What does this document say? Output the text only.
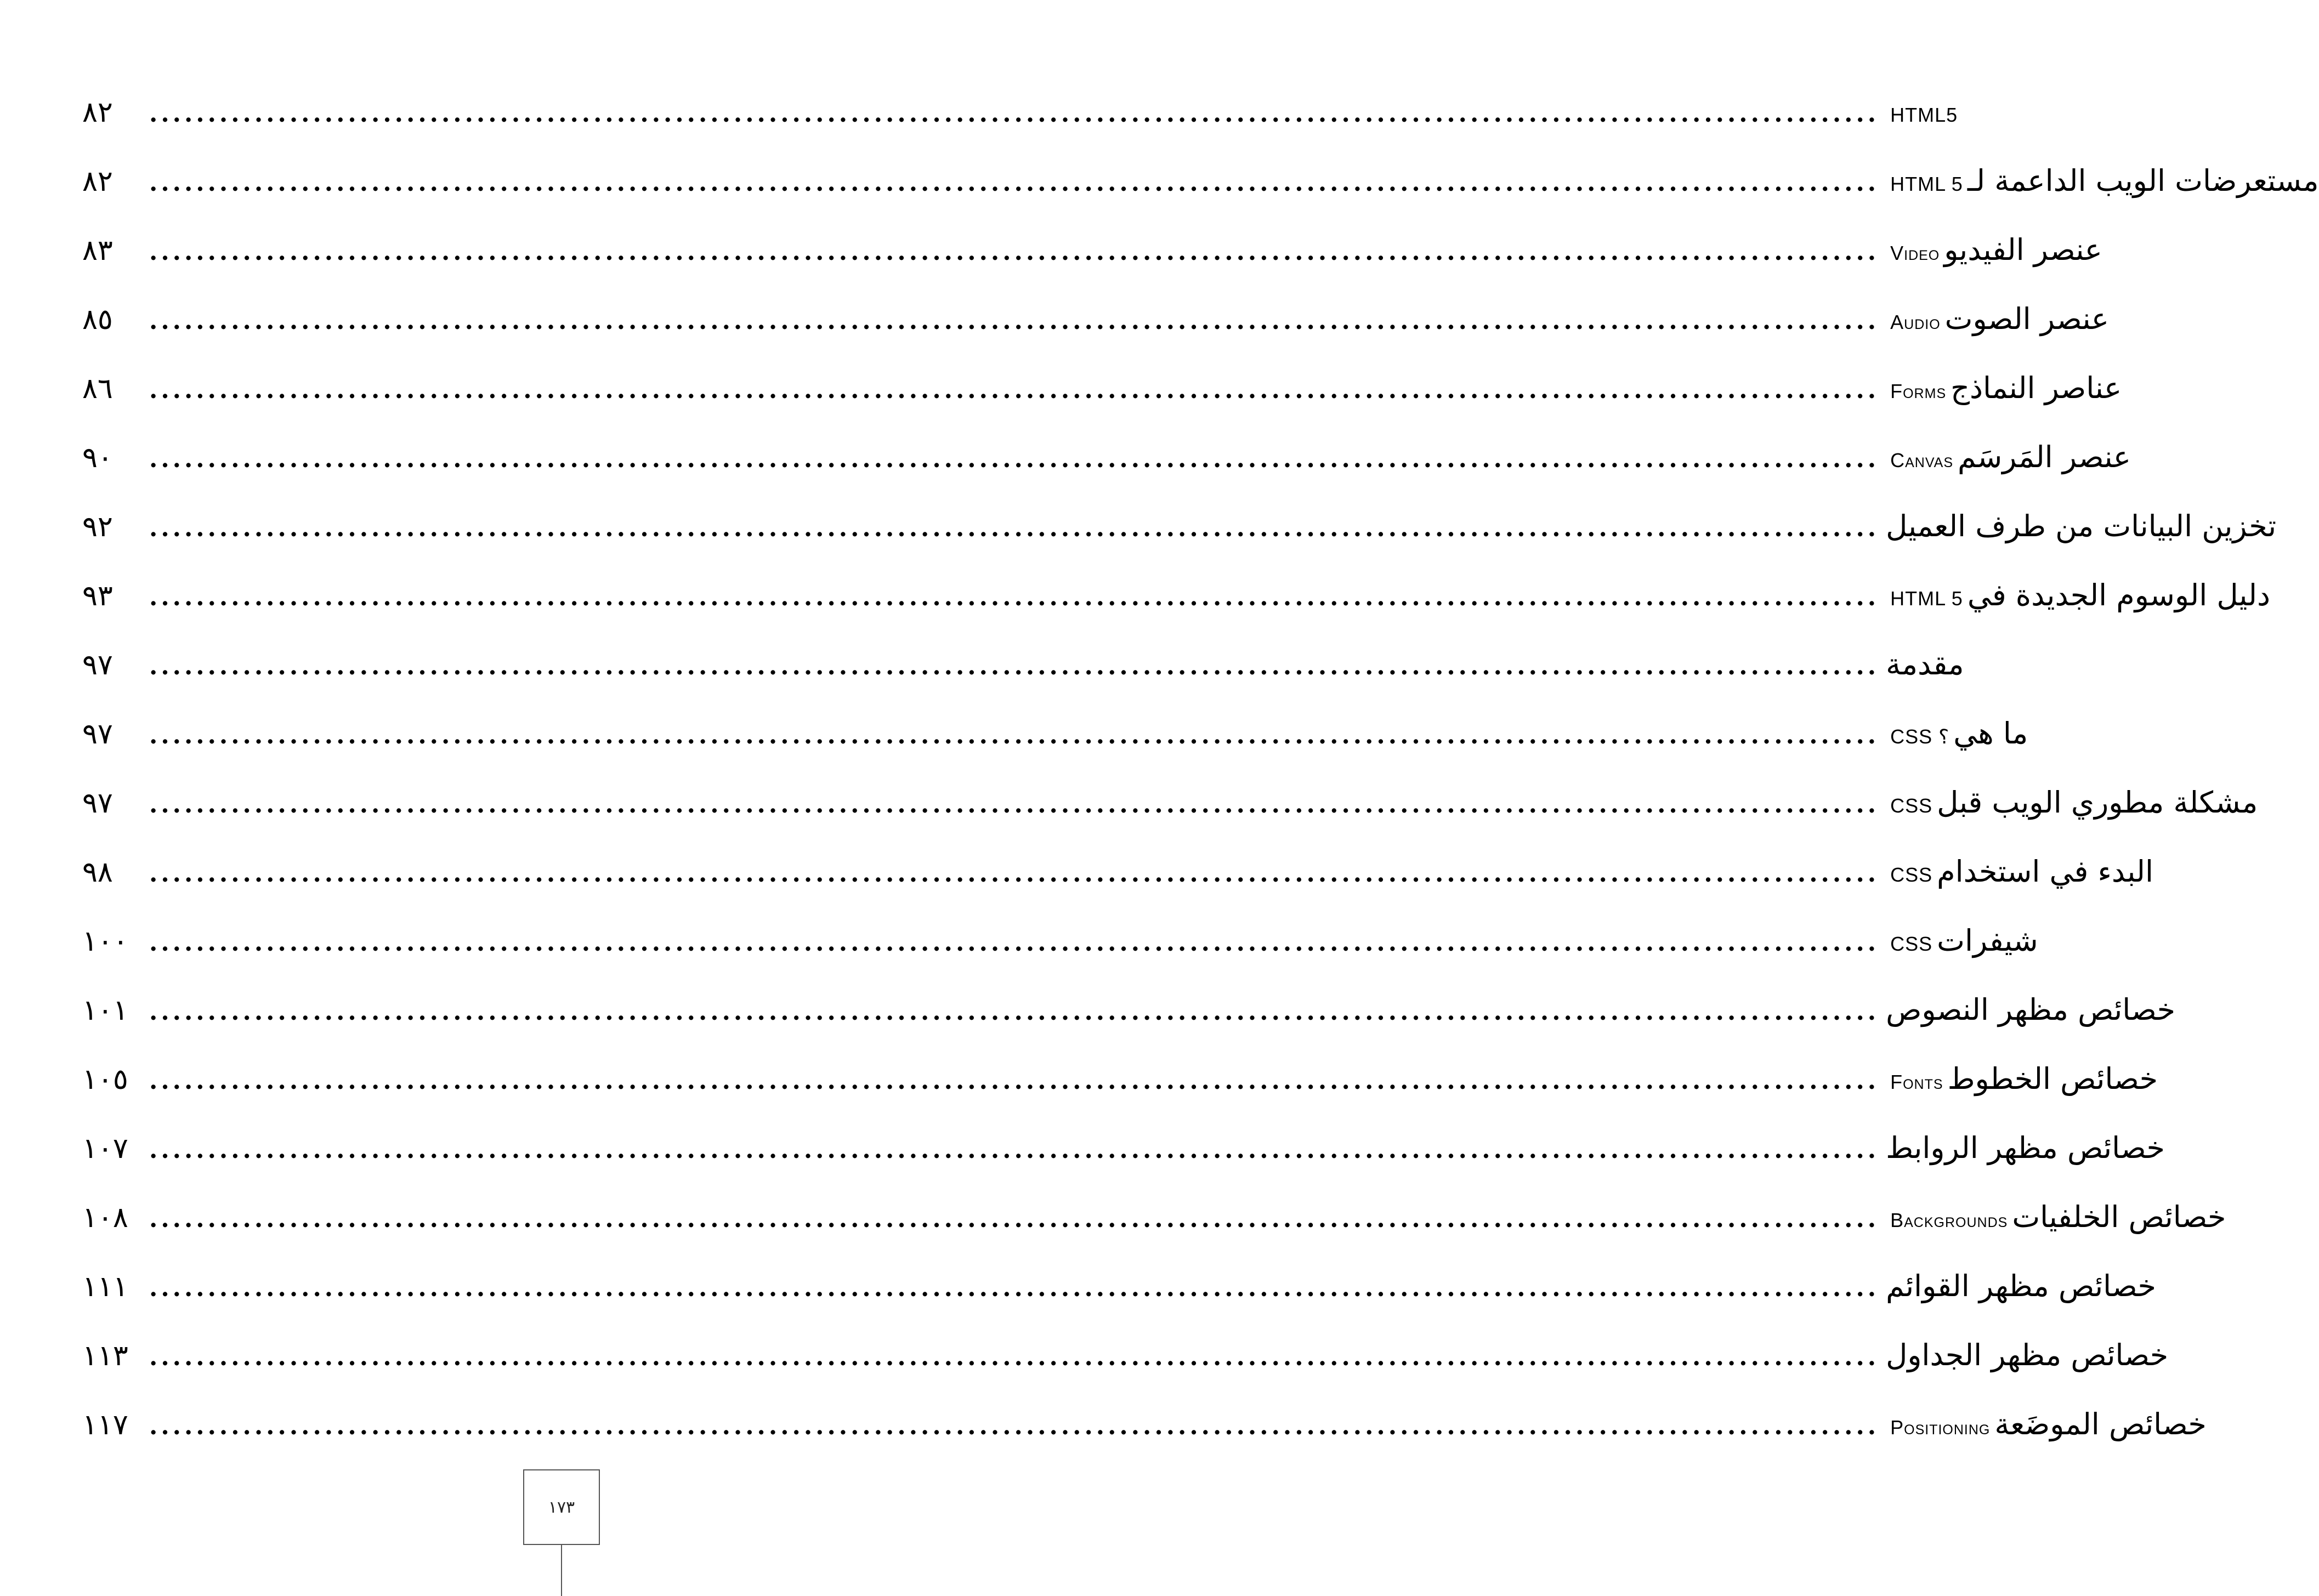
HTML5
....................................................................................................................................................
٨٢
مستعرضات الويب الداعمة لـHTML 5
....................................................................................................................................................
٨٢
عنصر الفيديوVideo
....................................................................................................................................................
٨٣
عنصر الصوتAudio
....................................................................................................................................................
٨٥
عناصر النماذجForms
....................................................................................................................................................
٨٦
عنصر المَرسَمCanvas
....................................................................................................................................................
٩٠
تخزين البيانات من طرف العميل
....................................................................................................................................................
٩٢
دليل الوسوم الجديدة فيHTML 5
....................................................................................................................................................
٩٣
مقدمة
....................................................................................................................................................
٩٧
ما هيCSS ؟
....................................................................................................................................................
٩٧
مشكلة مطوري الويب قبلCSS
....................................................................................................................................................
٩٧
البدء في استخدامCSS
....................................................................................................................................................
٩٨
شيفراتCSS
....................................................................................................................................................
١٠٠
خصائص مظهر النصوص
....................................................................................................................................................
١٠١
خصائص الخطوطFonts
....................................................................................................................................................
١٠٥
خصائص مظهر الروابط
....................................................................................................................................................
١٠٧
خصائص الخلفياتBackgrounds
....................................................................................................................................................
١٠٨
خصائص مظهر القوائم
....................................................................................................................................................
١١١
خصائص مظهر الجداول
....................................................................................................................................................
١١٣
خصائص الموضَعةPositioning
....................................................................................................................................................
١١٧
١٧٣
